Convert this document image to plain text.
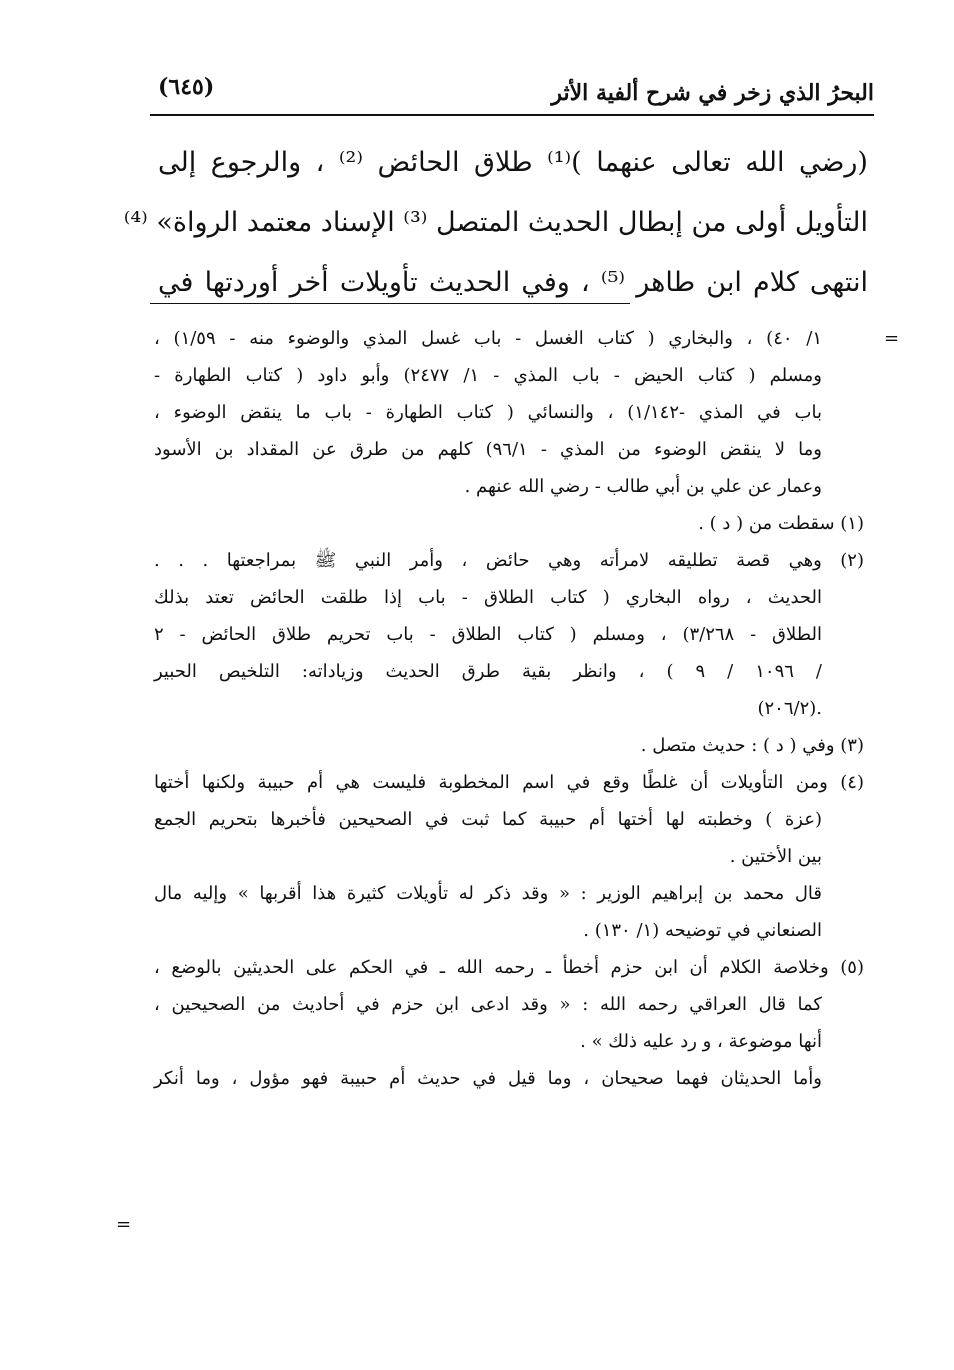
البحرُ الذي زخر في شرح ألفية الأثر
(٦٤٥)
(رضي الله تعالى عنهما )⁽¹⁾ طلاق الحائض ⁽²⁾ ، والرجوع إلى
التأويل أولى من إبطال الحديث المتصل ⁽³⁾ الإسناد معتمد الرواة» ⁽⁴⁾
انتهى كلام ابن طاهر ⁽⁵⁾ ، وفي الحديث تأويلات أخر أوردتها في
=
=
١/ ٤٠) ، والبخاري ( كتاب الغسل - باب غسل المذي والوضوء منه - ١/٥٩) ،
ومسلم ( كتاب الحيض - باب المذي - ١/ ٢٤٧٧) وأبو داود ( كتاب الطهارة -
باب في المذي -١/١٤٢) ، والنسائي ( كتاب الطهارة - باب ما ينقض الوضوء ،
وما لا ينقض الوضوء من المذي - ٩٦/١) كلهم من طرق عن المقداد بن الأسود
وعمار عن علي بن أبي طالب - رضي الله عنهم .
(١) سقطت من ( د ) .
(٢) وهي قصة تطليقه لامرأته وهي حائض ، وأمر النبي ﷺ بمراجعتها . . .
الحديث ، رواه البخاري ( كتاب الطلاق - باب إذا طلقت الحائض تعتد بذلك
الطلاق - ٣/٢٦٨) ، ومسلم ( كتاب الطلاق - باب تحريم طلاق الحائض - ٢
/ ١٠٩٦ / ٩ ) ، وانظر بقية طرق الحديث وزياداته: التلخيص الحبير
.(٢٠٦/٢)
(٣) وفي ( د ) : حديث متصل .
(٤) ومن التأويلات أن غلطًا وقع في اسم المخطوبة فليست هي أم حبيبة ولكنها أختها
(عزة ) وخطبته لها أختها أم حبيبة كما ثبت في الصحيحين فأخبرها بتحريم الجمع
بين الأختين .
قال محمد بن إبراهيم الوزير : « وقد ذكر له تأويلات كثيرة هذا أقربها » وإليه مال
الصنعاني في توضيحه (١/ ١٣٠) .
(٥) وخلاصة الكلام أن ابن حزم أخطأ ـ رحمه الله ـ في الحكم على الحديثين بالوضع ،
كما قال العراقي رحمه الله : « وقد ادعى ابن حزم في أحاديث من الصحيحين ،
أنها موضوعة ، و رد عليه ذلك » .
وأما الحديثان فهما صحيحان ، وما قيل في حديث أم حبيبة فهو مؤول ، وما أنكر
